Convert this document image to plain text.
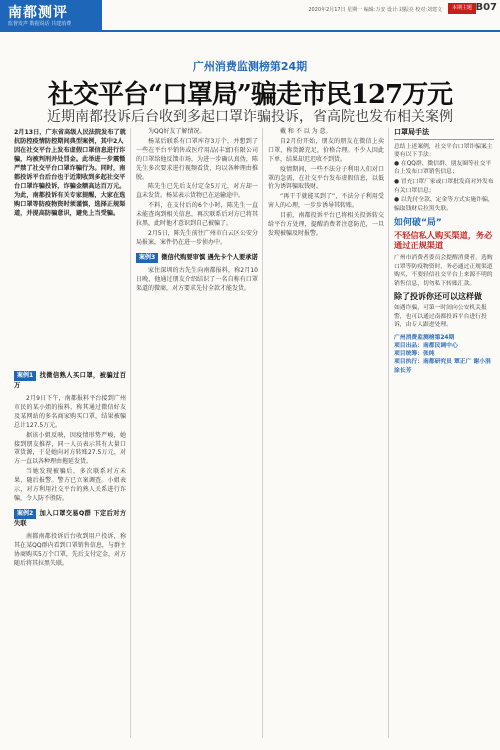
南都测评
监督发声 数据说话 共建消费
2020年2月17日 星期一 编辑:万安 设计:刘振亮 校对:刘建文	本期主题 B07
广州消费监测榜第24期
社交平台“口罩局”骗走市民127万元
近期南都投诉后台收到多起口罩诈骗投诉，省高院也发布相关案例
2月13日，广东省高级人民法院发布了就抗防控疫情防控期间典型案例，其中2人因在社交平台上发布虚假口罩信息进行诈骗，均被判刑并处罚金。此举进一步震慑严禁了社交平台口罩诈骗行为。同时，南都投诉平台后台也于近期收到多起社交平台口罩诈骗投诉，诈骗金额高达百万元。为此，南都投诉有关专家提醒，大家在选购口罩等防疫物资时须谨慎，选择正规渠道，并提高防骗意识，避免上当受骗。
案例1 找微信熟人买口罩，被骗过百万

2月9日下午，南都报料平台接到广州市民的某小姐的报料，称其通过微信好友及某网站的多名商家购买口罩，结果被骗总计127.5万元。

据该小姐反映，因疫情形势严峻，她接到朋友推荐，同一人员表示其有大量口罩货源，于是她向对方转账27.5万元，对方一直以各种理由拖延发货。

当她发现被骗后，多次联系对方未果，随后报警。警方已立案调查。小姐表示，对方利用社交平台的熟人关系进行诈骗，令人防不胜防。

案例2 加入口罩交易Q群 下定后对方失联

南都南都投诉后台收到用户投诉，称其在某QQ群内看到口罩销售信息，与群主协商购买5万个口罩，先后支付定金，对方随后将其拉黑失联。

为QQ好友了解情况。

杨某后联系有口罩库存3万个，并想到了一些在平台平销售或医疗用品(丰富)有限公司的口罩给他反馈市场，为进一步确认真伪，陈先生多次要求进行视频看货，均以各种理由推脱。

陈先生已先后支付定金5万元，对方却一直未发货。杨某表示货物已在运输途中。

不料，在支付后的6个小时，陈先生一直未能查询到相关信息，再次联系后对方已将其拉黑，此时他才意识到自己被骗了。

2月5日，陈先生前往广州市白云区公安分局报案，案件仍在进一步侦办中。

案例3 微信代购要审慎 遇先卡个人要承诺

家住深圳的古先生向南都报料，称2月10日晚，他通过朋友介绍结识了一名自称有口罩渠道的微商，对方要求先付全款才能发货。

戴 和 不 以 为 意。

自2月份开始，朋友的朋友在微信上卖口罩，称货源充足，价格合理。不少人因此下单，结果却迟迟收不到货。

疫情期间，一些不法分子利用人们对口罩的急需，在社交平台发布虚假信息，以低价为诱饵骗取钱财。

“再干干就能买到了”，不法分子利用受害人的心理，一步步诱导其转账。

目前，南都投诉平台已将相关投诉转交给平台方处理，提醒消费者注意防范，一旦发现被骗及时报警。

口罩局手法
总结上述案例，社交平台口罩诈骗案主要有以下手法：
● 在QQ群、微信群、朋友圈等社交平台上发布口罩销售信息；
● 冒充口罩厂家或口罩批发商对外发布有关口罩信息；
● 以先付全款、定金等方式实施诈骗，骗取钱财后拉黑失联。
如何破“局”
不轻信私人购买渠道，务必通过正规渠道
广州市消费者委员会提醒消费者，选购口罩等防疫物资时，务必通过正规渠道购买，不要轻信社交平台上来源不明的销售信息，切勿私下转账汇款。
除了投诉你还可以这样做
如遇诈骗，可第一时间向公安机关报警，也可以通过南都投诉平台进行投诉，由专人跟进处理。
广州消费监测榜第24期
项目出品：南都民调中心
项目统筹：张纯
项目执行：南都研究员 覃正广 谢小涓 涂长芳
